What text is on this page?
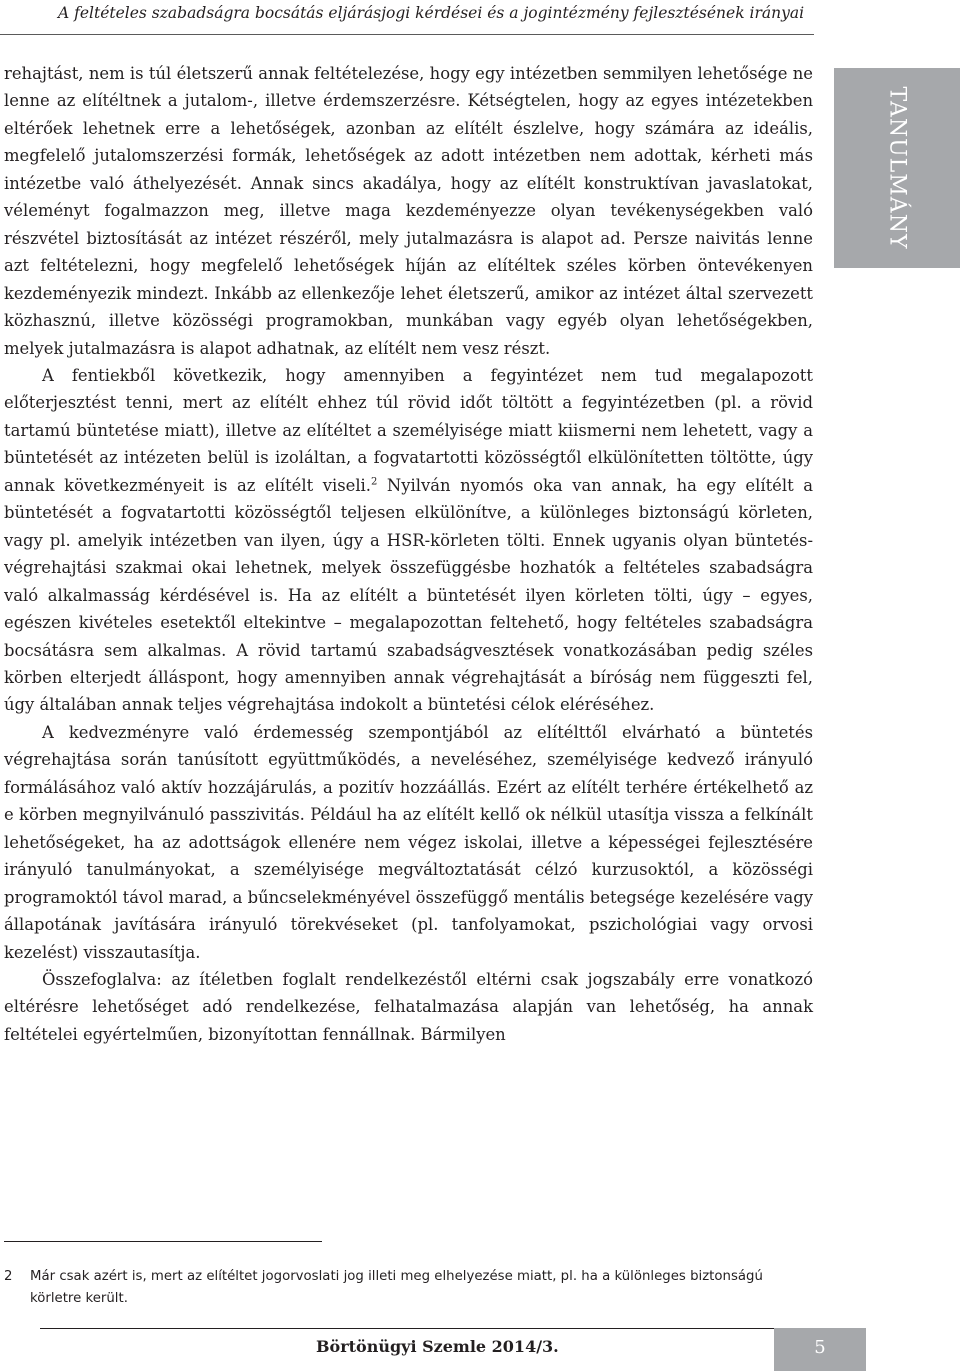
A feltételes szabadságra bocsátás eljárásjogi kérdései és a jogintézmény fejlesztésének irányai
TANULMÁNY

rehajtást, nem is túl életszerű annak feltételezése, hogy egy intézetben semmilyen lehetősége ne lenne az elítéltnek a jutalom-, illetve érdemszerzésre. Kétségtelen, hogy az egyes intézetekben eltérőek lehetnek erre a lehetőségek, azonban az elítélt észlelve, hogy számára az ideális, megfelelő jutalomszerzési formák, lehetőségek az adott intézetben nem adottak, kérheti más intézetbe való áthelyezését. Annak sincs akadálya, hogy az elítélt konstruktívan javaslatokat, véleményt fogalmazzon meg, illetve maga kezdeményezze olyan tevékenységekben való részvétel biztosítását az intézet részéről, mely jutalmazásra is alapot ad. Persze naivitás lenne azt feltételezni, hogy megfelelő lehetőségek híján az elítéltek széles körben öntevékenyen kezdeményezik mindezt. Inkább az ellenkezője lehet életszerű, amikor az intézet által szervezett közhasznú, illetve közösségi programokban, munkában vagy egyéb olyan lehetőségekben, melyek jutalmazásra is alapot adhatnak, az elítélt nem vesz részt.

A fentiekből következik, hogy amennyiben a fegyintézet nem tud megalapozott előterjesztést tenni, mert az elítélt ehhez túl rövid időt töltött a fegyintézetben (pl. a rövid tartamú büntetése miatt), illetve az elítéltet a személyisége miatt kiismerni nem lehetett, vagy a büntetését az intézeten belül is izoláltan, a fogvatartotti közösségtől elkülönítetten töltötte, úgy annak következményeit is az elítélt viseli.$^2$ Nyilván nyomós oka van annak, ha egy elítélt a büntetését a fogvatartotti közösségtől teljesen elkülönítve, a különleges biztonságú körleten, vagy pl. amelyik intézetben van ilyen, úgy a HSR-körleten tölti. Ennek ugyanis olyan büntetés-végrehajtási szakmai okai lehetnek, melyek összefüggésbe hozhatók a feltételes szabadságra való alkalmasság kérdésével is. Ha az elítélt a büntetését ilyen körleten tölti, úgy – egyes, egészen kivételes esetektől eltekintve – megalapozottan feltehető, hogy feltételes szabadságra bocsátásra sem alkalmas. A rövid tartamú szabadságvesztések vonatkozásában pedig széles körben elterjedt álláspont, hogy amennyiben annak végrehajtását a bíróság nem függeszti fel, úgy általában annak teljes végrehajtása indokolt a büntetési célok eléréséhez.

A kedvezményre való érdemesség szempontjából az elítélttől elvárható a büntetés végrehajtása során tanúsított együttműködés, a neveléséhez, személyisége kedvező irányuló formálásához való aktív hozzájárulás, a pozitív hozzáállás. Ezért az elítélt terhére értékelhető az e körben megnyilvánuló passzivitás. Például ha az elítélt kellő ok nélkül utasítja vissza a felkínált lehetőségeket, ha az adottságok ellenére nem végez iskolai, illetve a képességei fejlesztésére irányuló tanulmányokat, a személyisége megváltoztatását célzó kurzusoktól, a közösségi programoktól távol marad, a bűncselekményével összefüggő mentális betegsége kezelésére vagy állapotának javítására irányuló törekvéseket (pl. tanfolyamokat, pszichológiai vagy orvosi kezelést) visszautasítja.

Összefoglalva: az ítéletben foglalt rendelkezéstől eltérni csak jogszabály erre vonatkozó eltérésre lehetőséget adó rendelkezése, felhatalmazása alapján van lehetőség, ha annak feltételei egyértelműen, bizonyítottan fennállnak. Bármilyen

2 Már csak azért is, mert az elítéltet jogorvoslati jog illeti meg elhelyezése miatt, pl. ha a különleges biztonságú körletre került.
Börtönügyi Szemle 2014/3.	5
